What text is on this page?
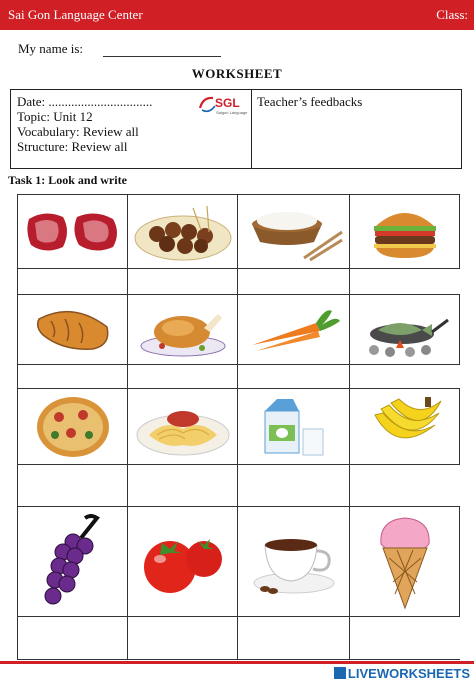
Sai Gon Language Center	Class:
My name is:
WORKSHEET
Date: ................................
Topic: Unit 12
Vocabulary: Review all
Structure: Review all
SGL
Saigon Language
Teacher’s feedbacks
Task 1: Look and write
LIVEWORKSHEETS
